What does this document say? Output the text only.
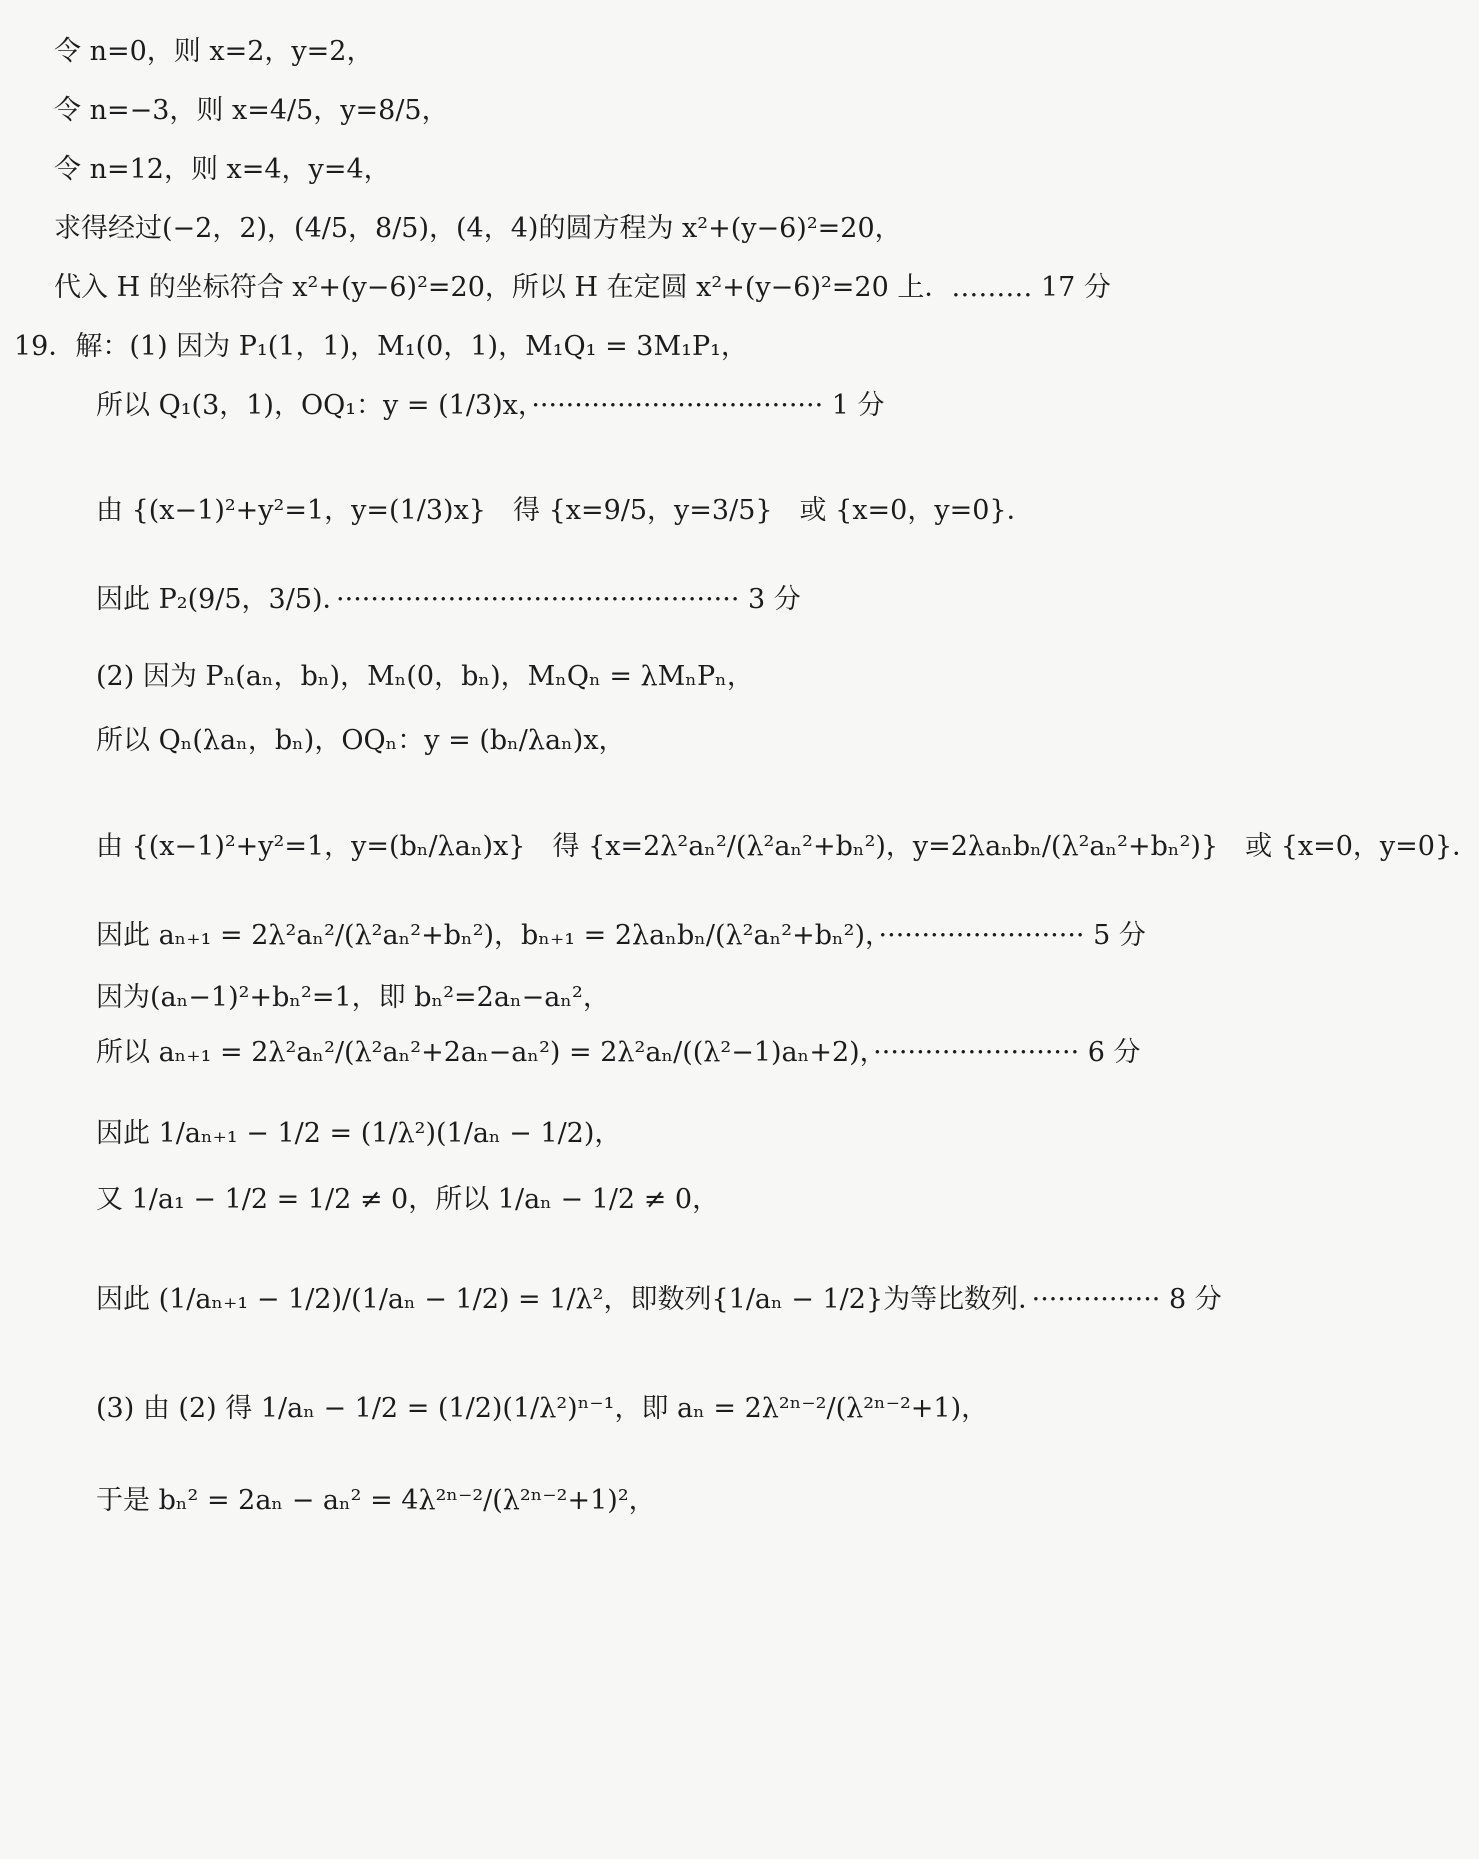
令 n=0，则 x=2，y=2，
令 n=−3，则 x=4/5，y=8/5，
令 n=12，则 x=4，y=4，
求得经过(−2，2)，(4/5，8/5)，(4，4)的圆方程为 x²+(y−6)²=20，
代入 H 的坐标符合 x²+(y−6)²=20，所以 H 在定圆 x²+(y−6)²=20 上．……… 17 分
19．解：(1) 因为 P₁(1，1)，M₁(0，1)，M₁Q₁ = 3M₁P₁，
所以 Q₁(3，1)，OQ₁：y = (1/3)x，·································· 1 分
由 {(x−1)²+y²=1，y=(1/3)x}　得 {x=9/5，y=3/5}　或 {x=0，y=0}．
因此 P₂(9/5，3/5)．··············································· 3 分
(2) 因为 Pₙ(aₙ，bₙ)，Mₙ(0，bₙ)，MₙQₙ = λMₙPₙ，
所以 Qₙ(λaₙ，bₙ)，OQₙ：y = (bₙ/λaₙ)x，
由 {(x−1)²+y²=1，y=(bₙ/λaₙ)x}　得 {x=2λ²aₙ²/(λ²aₙ²+bₙ²)，y=2λaₙbₙ/(λ²aₙ²+bₙ²)}　或 {x=0，y=0}．
因此 aₙ₊₁ = 2λ²aₙ²/(λ²aₙ²+bₙ²)，bₙ₊₁ = 2λaₙbₙ/(λ²aₙ²+bₙ²)，························ 5 分
因为(aₙ−1)²+bₙ²=1，即 bₙ²=2aₙ−aₙ²，
所以 aₙ₊₁ = 2λ²aₙ²/(λ²aₙ²+2aₙ−aₙ²) = 2λ²aₙ/((λ²−1)aₙ+2)，························ 6 分
因此 1/aₙ₊₁ − 1/2 = (1/λ²)(1/aₙ − 1/2)，
又 1/a₁ − 1/2 = 1/2 ≠ 0，所以 1/aₙ − 1/2 ≠ 0，
因此 (1/aₙ₊₁ − 1/2)/(1/aₙ − 1/2) = 1/λ²，即数列{1/aₙ − 1/2}为等比数列．··············· 8 分
(3) 由 (2) 得 1/aₙ − 1/2 = (1/2)(1/λ²)ⁿ⁻¹，即 aₙ = 2λ²ⁿ⁻²/(λ²ⁿ⁻²+1)，
于是 bₙ² = 2aₙ − aₙ² = 4λ²ⁿ⁻²/(λ²ⁿ⁻²+1)²，
